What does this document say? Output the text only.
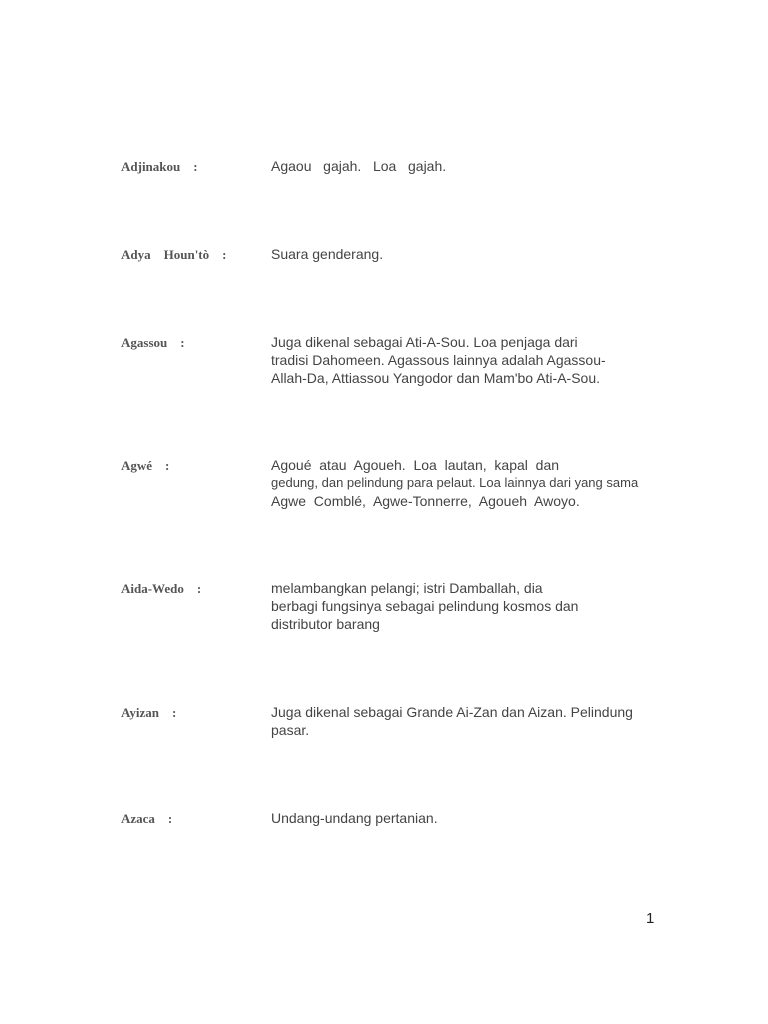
Adjinakou    :	Agaou   gajah.   Loa   gajah.
Adya    Houn'tò    :	Suara genderang.
Agassou    :	Juga dikenal sebagai Ati-A-Sou. Loa penjaga dari
tradisi Dahomeen. Agassous lainnya adalah Agassou-
Allah-Da, Attiassou Yangodor dan Mam'bo Ati-A-Sou.
Agwé    :	Agoué  atau  Agoueh.  Loa  lautan,  kapal  dan
gedung, dan pelindung para pelaut. Loa lainnya dari yang sama
Agwe  Comblé,  Agwe-Tonnerre,  Agoueh  Awoyo.
Aida-Wedo    :	melambangkan pelangi; istri Damballah, dia
berbagi fungsinya sebagai pelindung kosmos dan
distributor barang
Ayizan    :	Juga dikenal sebagai Grande Ai-Zan dan Aizan. Pelindung
pasar.
Azaca    :	Undang-undang pertanian.
1
